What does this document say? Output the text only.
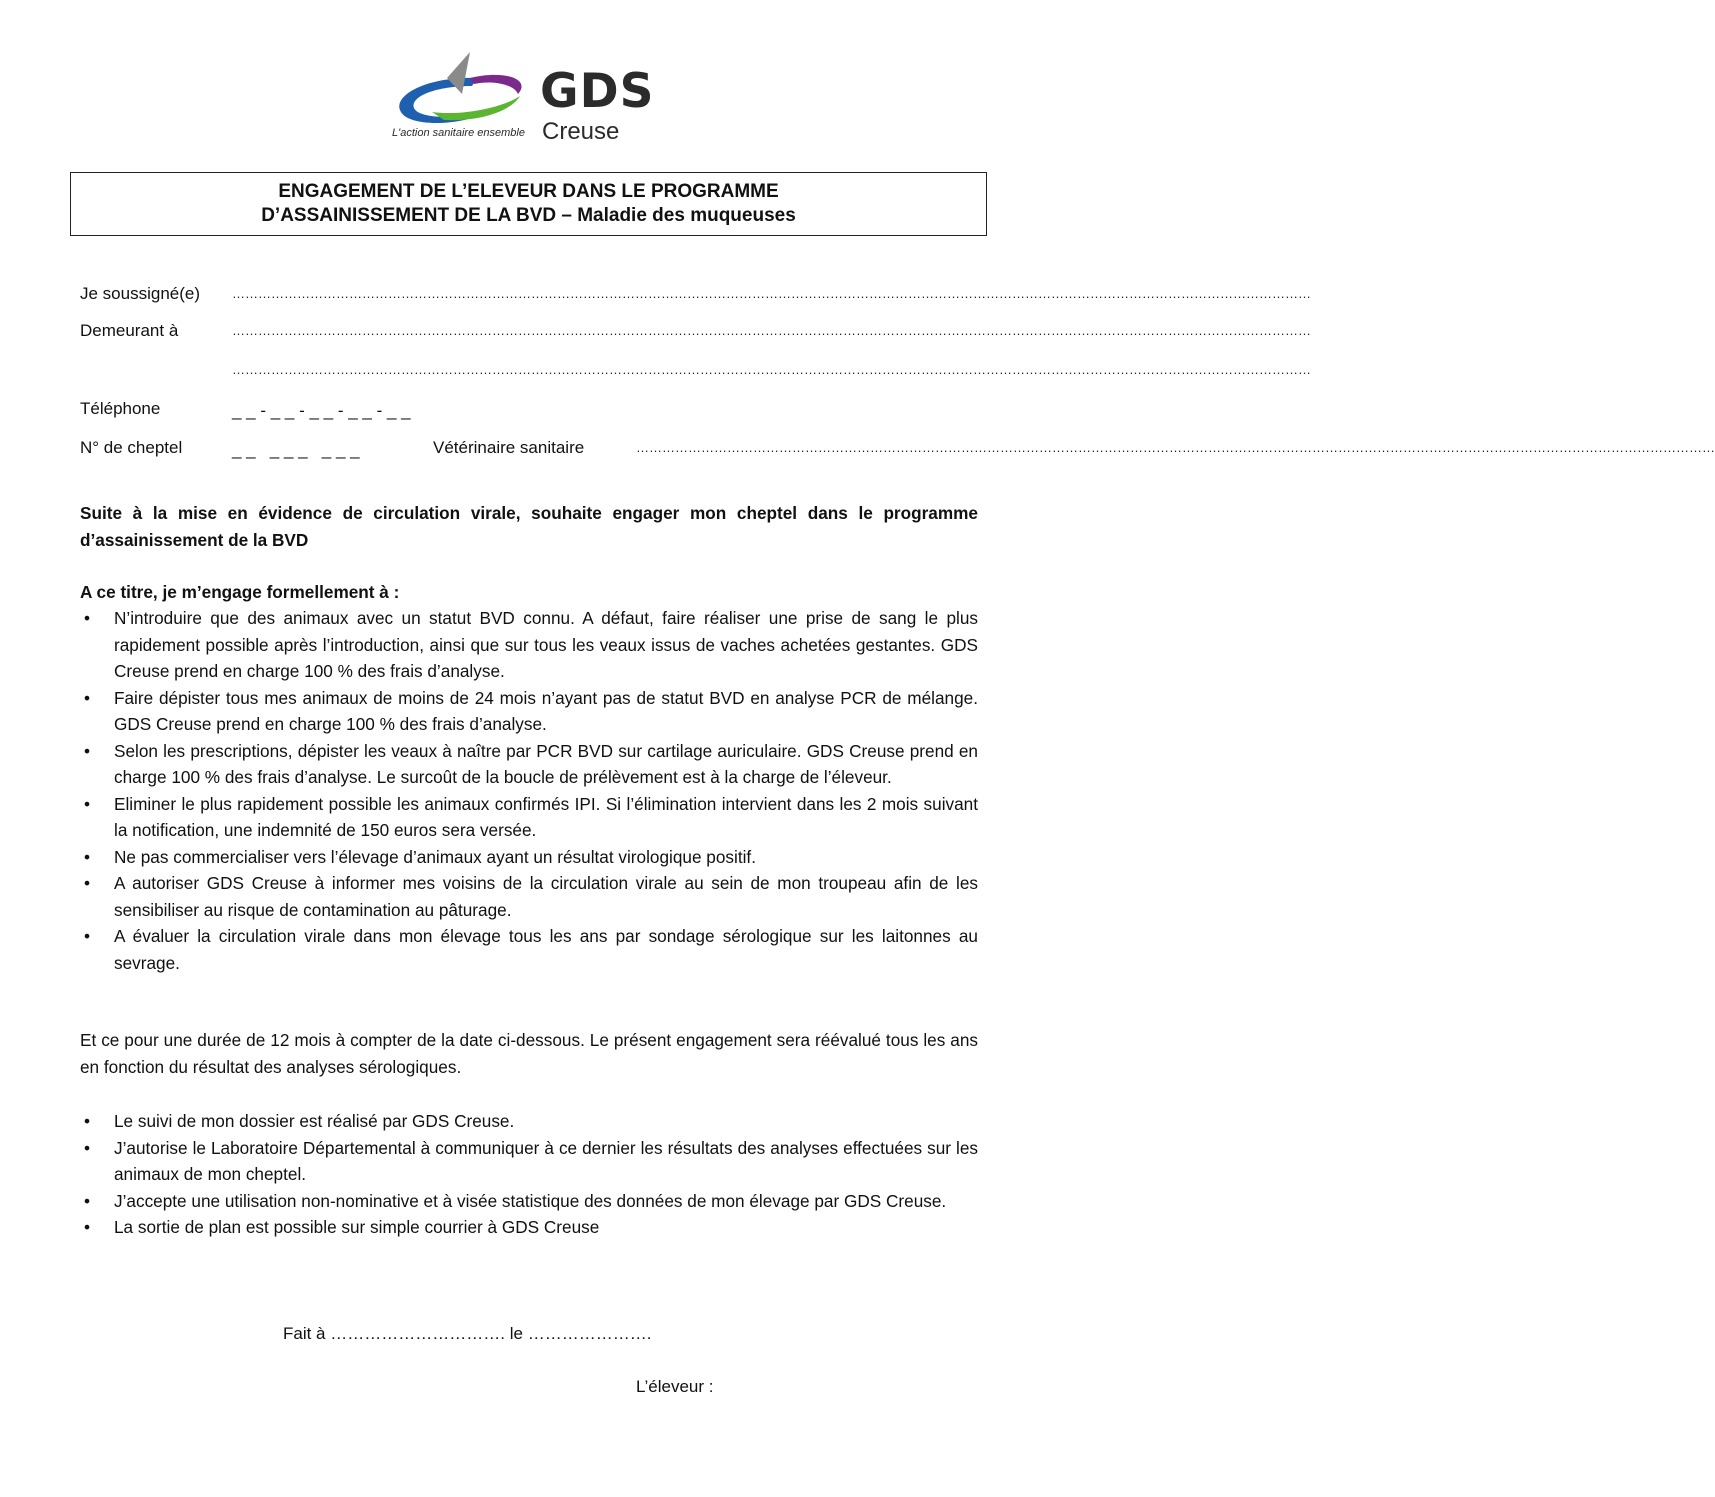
GDS
Creuse
L'action sanitaire ensemble
ENGAGEMENT DE L’ELEVEUR DANS LE PROGRAMME
D’ASSAINISSEMENT DE LA BVD – Maladie des muqueuses
Je soussigné(e) ……………………………………………………………………………………………………………………………………………………………………………………………………………………………
Demeurant à	……………………………………………………………………………………………………………………………………………………………………………………………………………………………
……………………………………………………………………………………………………………………………………………………………………………………………………………………………
Téléphone	_ _ - _ _ - _ _ - _ _ - _ _
N° de cheptel	_ _   _ _ _   _ _ _	Vétérinaire sanitaire	……………………………………………………………………………………………………………………………………………………………………………………………………………………………
Suite à la mise en évidence de circulation virale, souhaite engager mon cheptel dans le programme d’assainissement de la BVD
A ce titre, je m’engage formellement à :
• N’introduire que des animaux avec un statut BVD connu. A défaut, faire réaliser une prise de sang le plus rapidement possible après l’introduction, ainsi que sur tous les veaux issus de vaches achetées gestantes. GDS Creuse prend en charge 100 % des frais d’analyse.
• Faire dépister tous mes animaux de moins de 24 mois n’ayant pas de statut BVD en analyse PCR de mélange. GDS Creuse prend en charge 100 % des frais d’analyse.
• Selon les prescriptions, dépister les veaux à naître par PCR BVD sur cartilage auriculaire. GDS Creuse prend en charge 100 % des frais d’analyse. Le surcoût de la boucle de prélèvement est à la charge de l’éleveur.
• Eliminer le plus rapidement possible les animaux confirmés IPI. Si l’élimination intervient dans les 2 mois suivant la notification, une indemnité de 150 euros sera versée.
• Ne pas commercialiser vers l’élevage d’animaux ayant un résultat virologique positif.
• A autoriser GDS Creuse à informer mes voisins de la circulation virale au sein de mon troupeau afin de les sensibiliser au risque de contamination au pâturage.
• A évaluer la circulation virale dans mon élevage tous les ans par sondage sérologique sur les laitonnes au sevrage.
Et ce pour une durée de 12 mois à compter de la date ci-dessous. Le présent engagement sera réévalué tous les ans en fonction du résultat des analyses sérologiques.
• Le suivi de mon dossier est réalisé par GDS Creuse.
• J’autorise le Laboratoire Départemental à communiquer à ce dernier les résultats des analyses effectuées sur les animaux de mon cheptel.
• J’accepte une utilisation non-nominative et à visée statistique des données de mon élevage par GDS Creuse.
• La sortie de plan est possible sur simple courrier à GDS Creuse
Fait à …………………………. le ………………….
L’éleveur :
